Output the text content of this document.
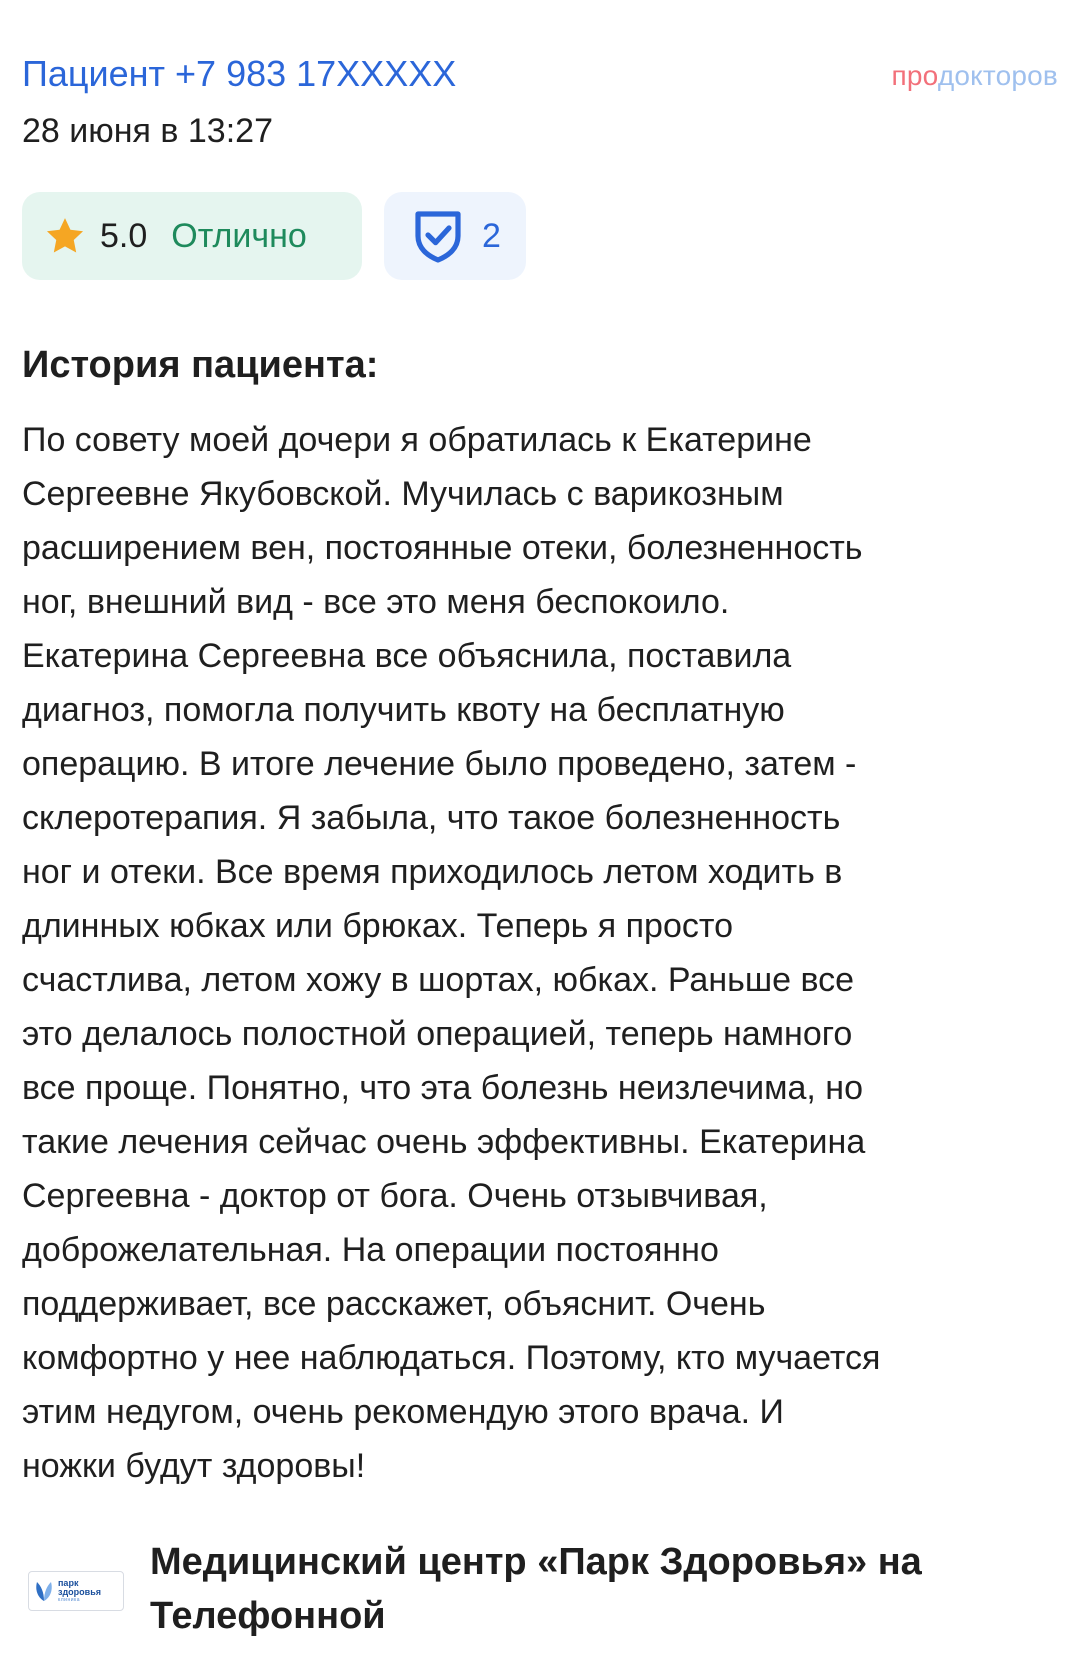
Пациент +7 983 17XXXXX
28 июня в 13:27
продокторов
5.0 Отлично	2
История пациента:

По совету моей дочери я обратилась к Екатерине
Сергеевне Якубовской. Мучилась с варикозным
расширением вен, постоянные отеки, болезненность
ног, внешний вид - все это меня беспокоило.
Екатерина Сергеевна все объяснила, поставила
диагноз, помогла получить квоту на бесплатную
операцию. В итоге лечение было проведено, затем -
склеротерапия. Я забыла, что такое болезненность
ног и отеки. Все время приходилось летом ходить в
длинных юбках или брюках. Теперь я просто
счастлива, летом хожу в шортах, юбках. Раньше все
это делалось полостной операцией, теперь намного
все проще. Понятно, что эта болезнь неизлечима, но
такие лечения сейчас очень эффективны. Екатерина
Сергеевна - доктор от бога. Очень отзывчивая,
доброжелательная. На операции постоянно
поддерживает, все расскажет, объяснит. Очень
комфортно у нее наблюдаться. Поэтому, кто мучается
этим недугом, очень рекомендую этого врача. И
ножки будут здоровы!

парк
здоровья
клиника
Медицинский центр «Парк Здоровья» на Телефонной
